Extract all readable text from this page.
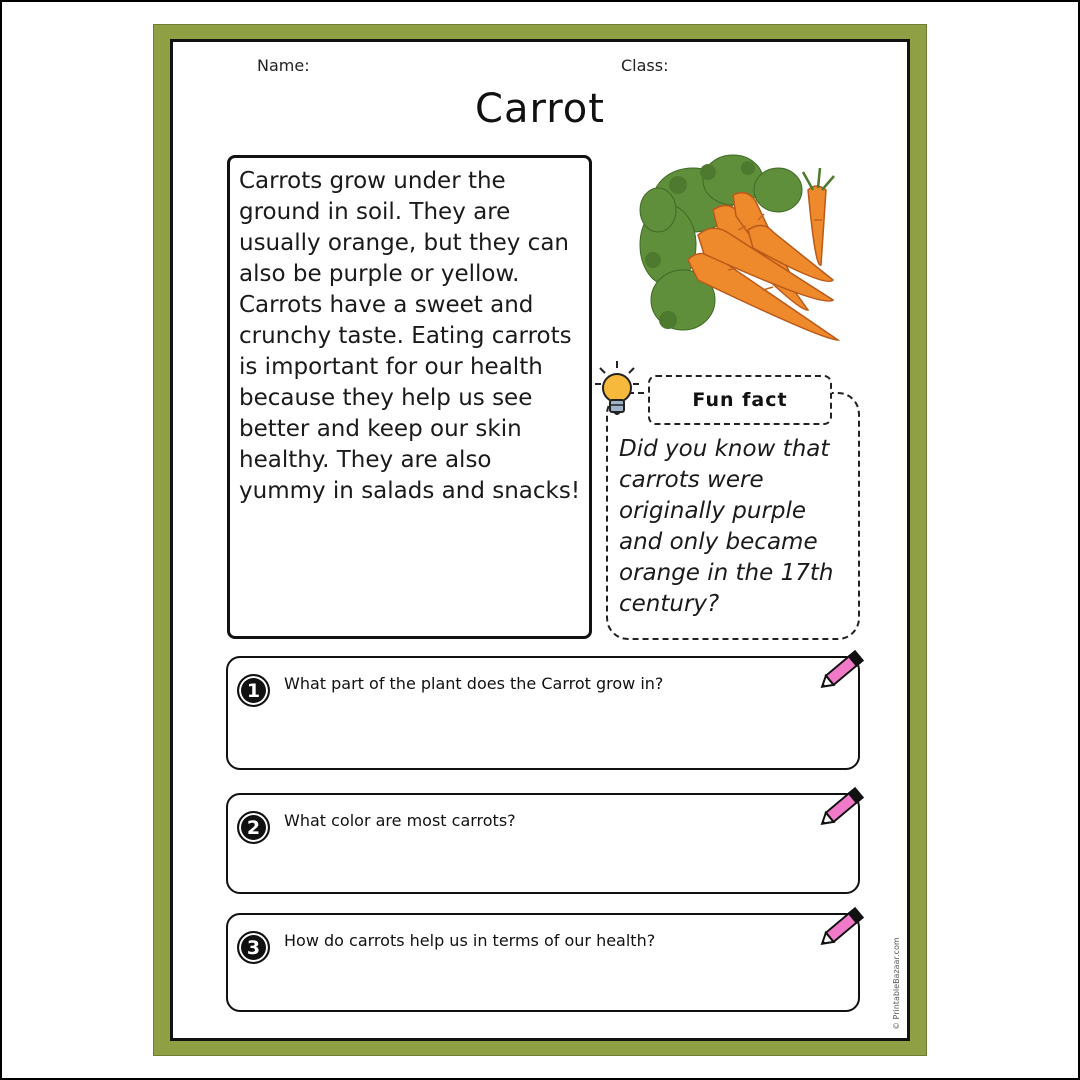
Name:	Class:
Carrot
Carrots grow under the ground in soil. They are usually orange, but they can also be purple or yellow. Carrots have a sweet and crunchy taste. Eating carrots is important for our health because they help us see better and keep our skin healthy. They are also yummy in salads and snacks!
Fun fact
Did you know that carrots were originally purple and only became orange in the 17th century?
1	What part of the plant does the Carrot grow in?
2	What color are most carrots?
3	How do carrots help us in terms of our health?	© PrintableBazaar.com
